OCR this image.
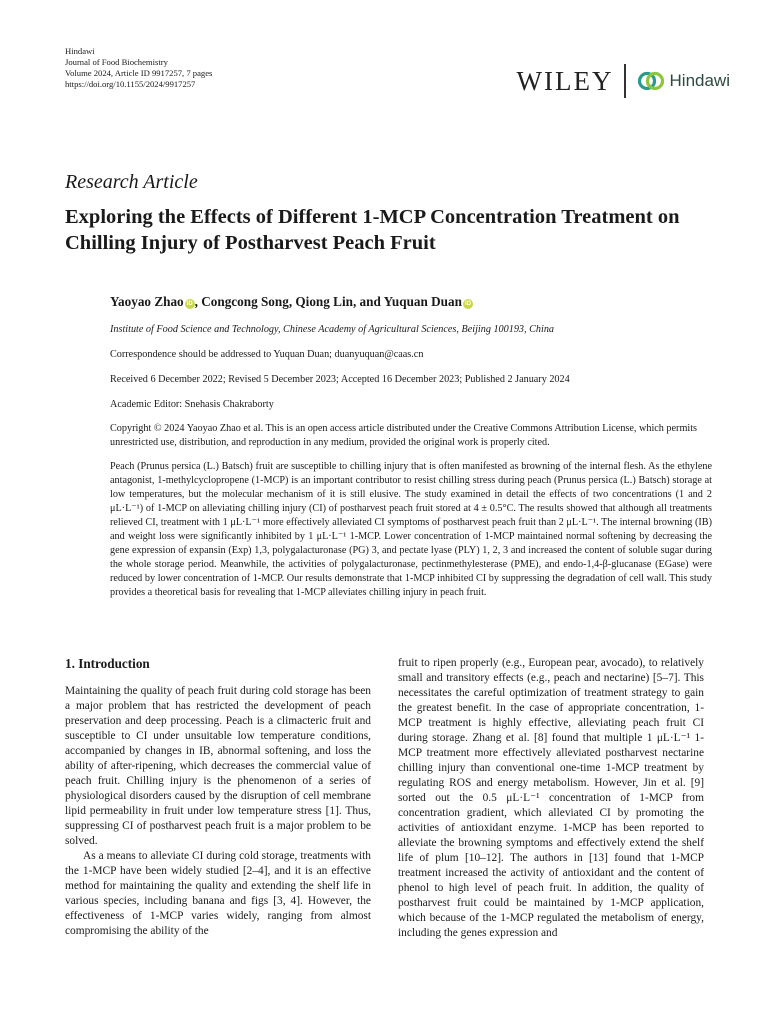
Hindawi
Journal of Food Biochemistry
Volume 2024, Article ID 9917257, 7 pages
https://doi.org/10.1155/2024/9917257	WILEY	Hindawi
Research Article
Exploring the Effects of Different 1-MCP Concentration Treatment on Chilling Injury of Postharvest Peach Fruit
Yaoyao Zhao iD , Congcong Song, Qiong Lin, and Yuquan Duan iD
Institute of Food Science and Technology, Chinese Academy of Agricultural Sciences, Beijing 100193, China
Correspondence should be addressed to Yuquan Duan; duanyuquan@caas.cn
Received 6 December 2022; Revised 5 December 2023; Accepted 16 December 2023; Published 2 January 2024
Academic Editor: Snehasis Chakraborty
Copyright © 2024 Yaoyao Zhao et al. This is an open access article distributed under the Creative Commons Attribution License, which permits unrestricted use, distribution, and reproduction in any medium, provided the original work is properly cited.
Peach (Prunus persica (L.) Batsch) fruit are susceptible to chilling injury that is often manifested as browning of the internal flesh. As the ethylene antagonist, 1-methylcyclopropene (1-MCP) is an important contributor to resist chilling stress during peach (Prunus persica (L.) Batsch) storage at low temperatures, but the molecular mechanism of it is still elusive. The study examined in detail the effects of two concentrations (1 and 2 μL·L⁻¹) of 1-MCP on alleviating chilling injury (CI) of postharvest peach fruit stored at 4 ± 0.5°C. The results showed that although all treatments relieved CI, treatment with 1 μL·L⁻¹ more effectively alleviated CI symptoms of postharvest peach fruit than 2 μL·L⁻¹. The internal browning (IB) and weight loss were significantly inhibited by 1 μL·L⁻¹ 1-MCP. Lower concentration of 1-MCP maintained normal softening by decreasing the gene expression of expansin (Exp) 1,3, polygalacturonase (PG) 3, and pectate lyase (PLY) 1, 2, 3 and increased the content of soluble sugar during the whole storage period. Meanwhile, the activities of polygalacturonase, pectinmethylesterase (PME), and endo-1,4-β-glucanase (EGase) were reduced by lower concentration of 1-MCP. Our results demonstrate that 1-MCP inhibited CI by suppressing the degradation of cell wall. This study provides a theoretical basis for revealing that 1-MCP alleviates chilling injury in peach fruit.
1. Introduction

Maintaining the quality of peach fruit during cold storage has been a major problem that has restricted the development of peach preservation and deep processing. Peach is a climacteric fruit and susceptible to CI under unsuitable low temperature conditions, accompanied by changes in IB, abnormal softening, and loss the ability of after-ripening, which decreases the commercial value of peach fruit. Chilling injury is the phenomenon of a series of physiological disorders caused by the disruption of cell membrane lipid permeability in fruit under low temperature stress [1]. Thus, suppressing CI of postharvest peach fruit is a major problem to be solved.

As a means to alleviate CI during cold storage, treatments with the 1-MCP have been widely studied [2–4], and it is an effective method for maintaining the quality and extending the shelf life in various species, including banana and figs [3, 4]. However, the effectiveness of 1-MCP varies widely, ranging from almost compromising the ability of the

fruit to ripen properly (e.g., European pear, avocado), to relatively small and transitory effects (e.g., peach and nectarine) [5–7]. This necessitates the careful optimization of treatment strategy to gain the greatest benefit. In the case of appropriate concentration, 1-MCP treatment is highly effective, alleviating peach fruit CI during storage. Zhang et al. [8] found that multiple 1 μL·L⁻¹ 1-MCP treatment more effectively alleviated postharvest nectarine chilling injury than conventional one-time 1-MCP treatment by regulating ROS and energy metabolism. However, Jin et al. [9] sorted out the 0.5 μL·L⁻¹ concentration of 1-MCP from concentration gradient, which alleviated CI by promoting the activities of antioxidant enzyme. 1-MCP has been reported to alleviate the browning symptoms and effectively extend the shelf life of plum [10–12]. The authors in [13] found that 1-MCP treatment increased the activity of antioxidant and the content of phenol to high level of peach fruit. In addition, the quality of postharvest fruit could be maintained by 1-MCP application, which because of the 1-MCP regulated the metabolism of energy, including the genes expression and
